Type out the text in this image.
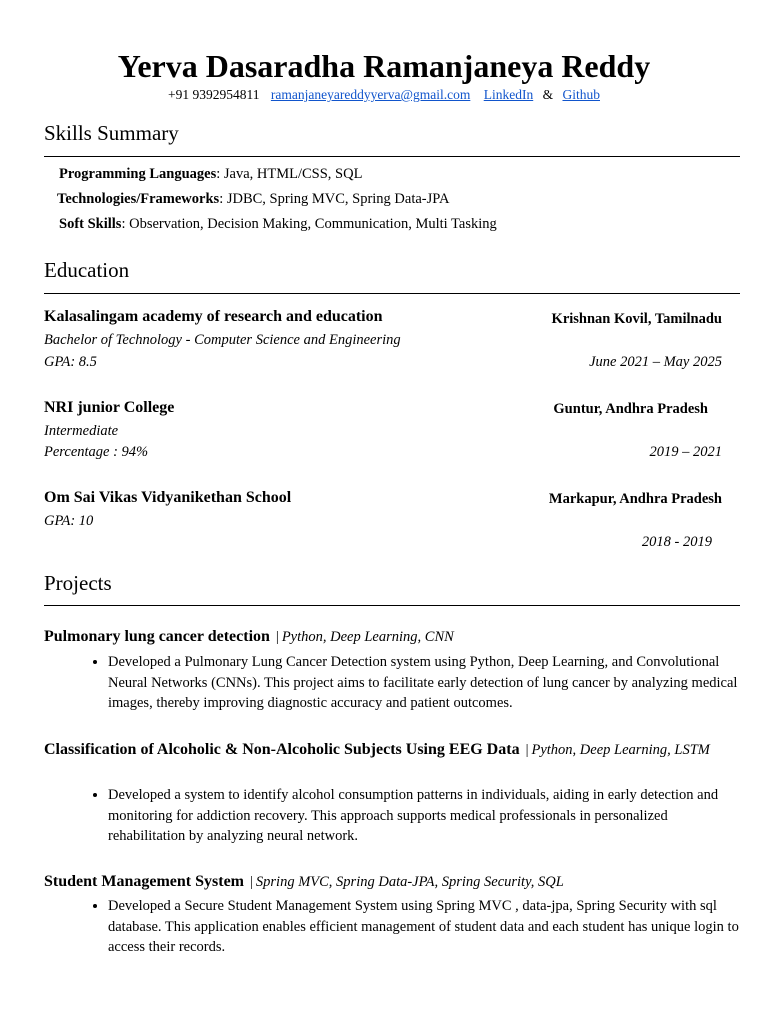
Yerva Dasaradha Ramanjaneya Reddy
+91 9392954811 ramanjaneyareddyyerva@gmail.com LinkedIn & Github
Skills Summary
Programming Languages: Java, HTML/CSS, SQL
Technologies/Frameworks: JDBC, Spring MVC, Spring Data-JPA
Soft Skills: Observation, Decision Making, Communication, Multi Tasking
Education
Kalasalingam academy of research and education	Krishnan Kovil, Tamilnadu
Bachelor of Technology - Computer Science and Engineering
GPA: 8.5	June 2021 – May 2025
NRI junior College	Guntur, Andhra Pradesh
Intermediate
Percentage : 94%	2019 – 2021
Om Sai Vikas Vidyanikethan School	Markapur, Andhra Pradesh
GPA: 10
2018 - 2019
Projects
Pulmonary lung cancer detection | Python, Deep Learning, CNN
• Developed a Pulmonary Lung Cancer Detection system using Python, Deep Learning, and Convolutional Neural Networks (CNNs). This project aims to facilitate early detection of lung cancer by analyzing medical images, thereby improving diagnostic accuracy and patient outcomes.
Classification of Alcoholic & Non-Alcoholic Subjects Using EEG Data | Python, Deep Learning, LSTM
• Developed a system to identify alcohol consumption patterns in individuals, aiding in early detection and monitoring for addiction recovery. This approach supports medical professionals in personalized rehabilitation by analyzing neural network.
Student Management System | Spring MVC, Spring Data-JPA, Spring Security, SQL
• Developed a Secure Student Management System using Spring MVC , data-jpa, Spring Security with sql database. This application enables efficient management of student data and each student has unique login to access their records.
